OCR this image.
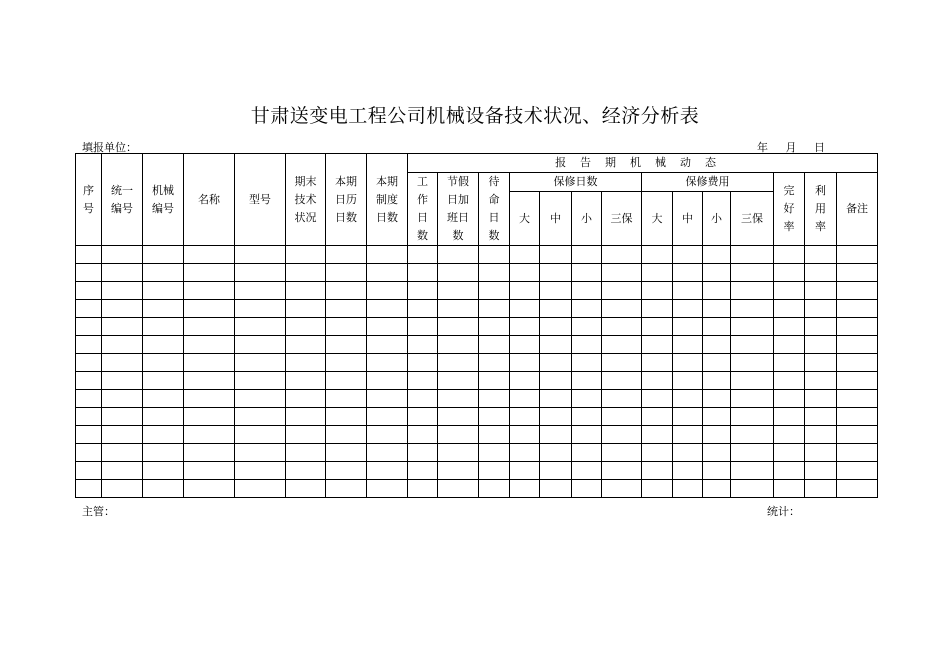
甘肃送变电工程公司机械设备技术状况、经济分析表
填报单位：	年 月 日
序号	统一编号	机械编号	名称	型号	期末技术状况	本期日历日数	本期制度日数	报告期机械动态													
								工作日数	节假日加班日数	待命日数	保修日数				保修费用				完好率	利用率	备注
											大	中	小	三保	大	中	小	三保			

主管：	统计：
